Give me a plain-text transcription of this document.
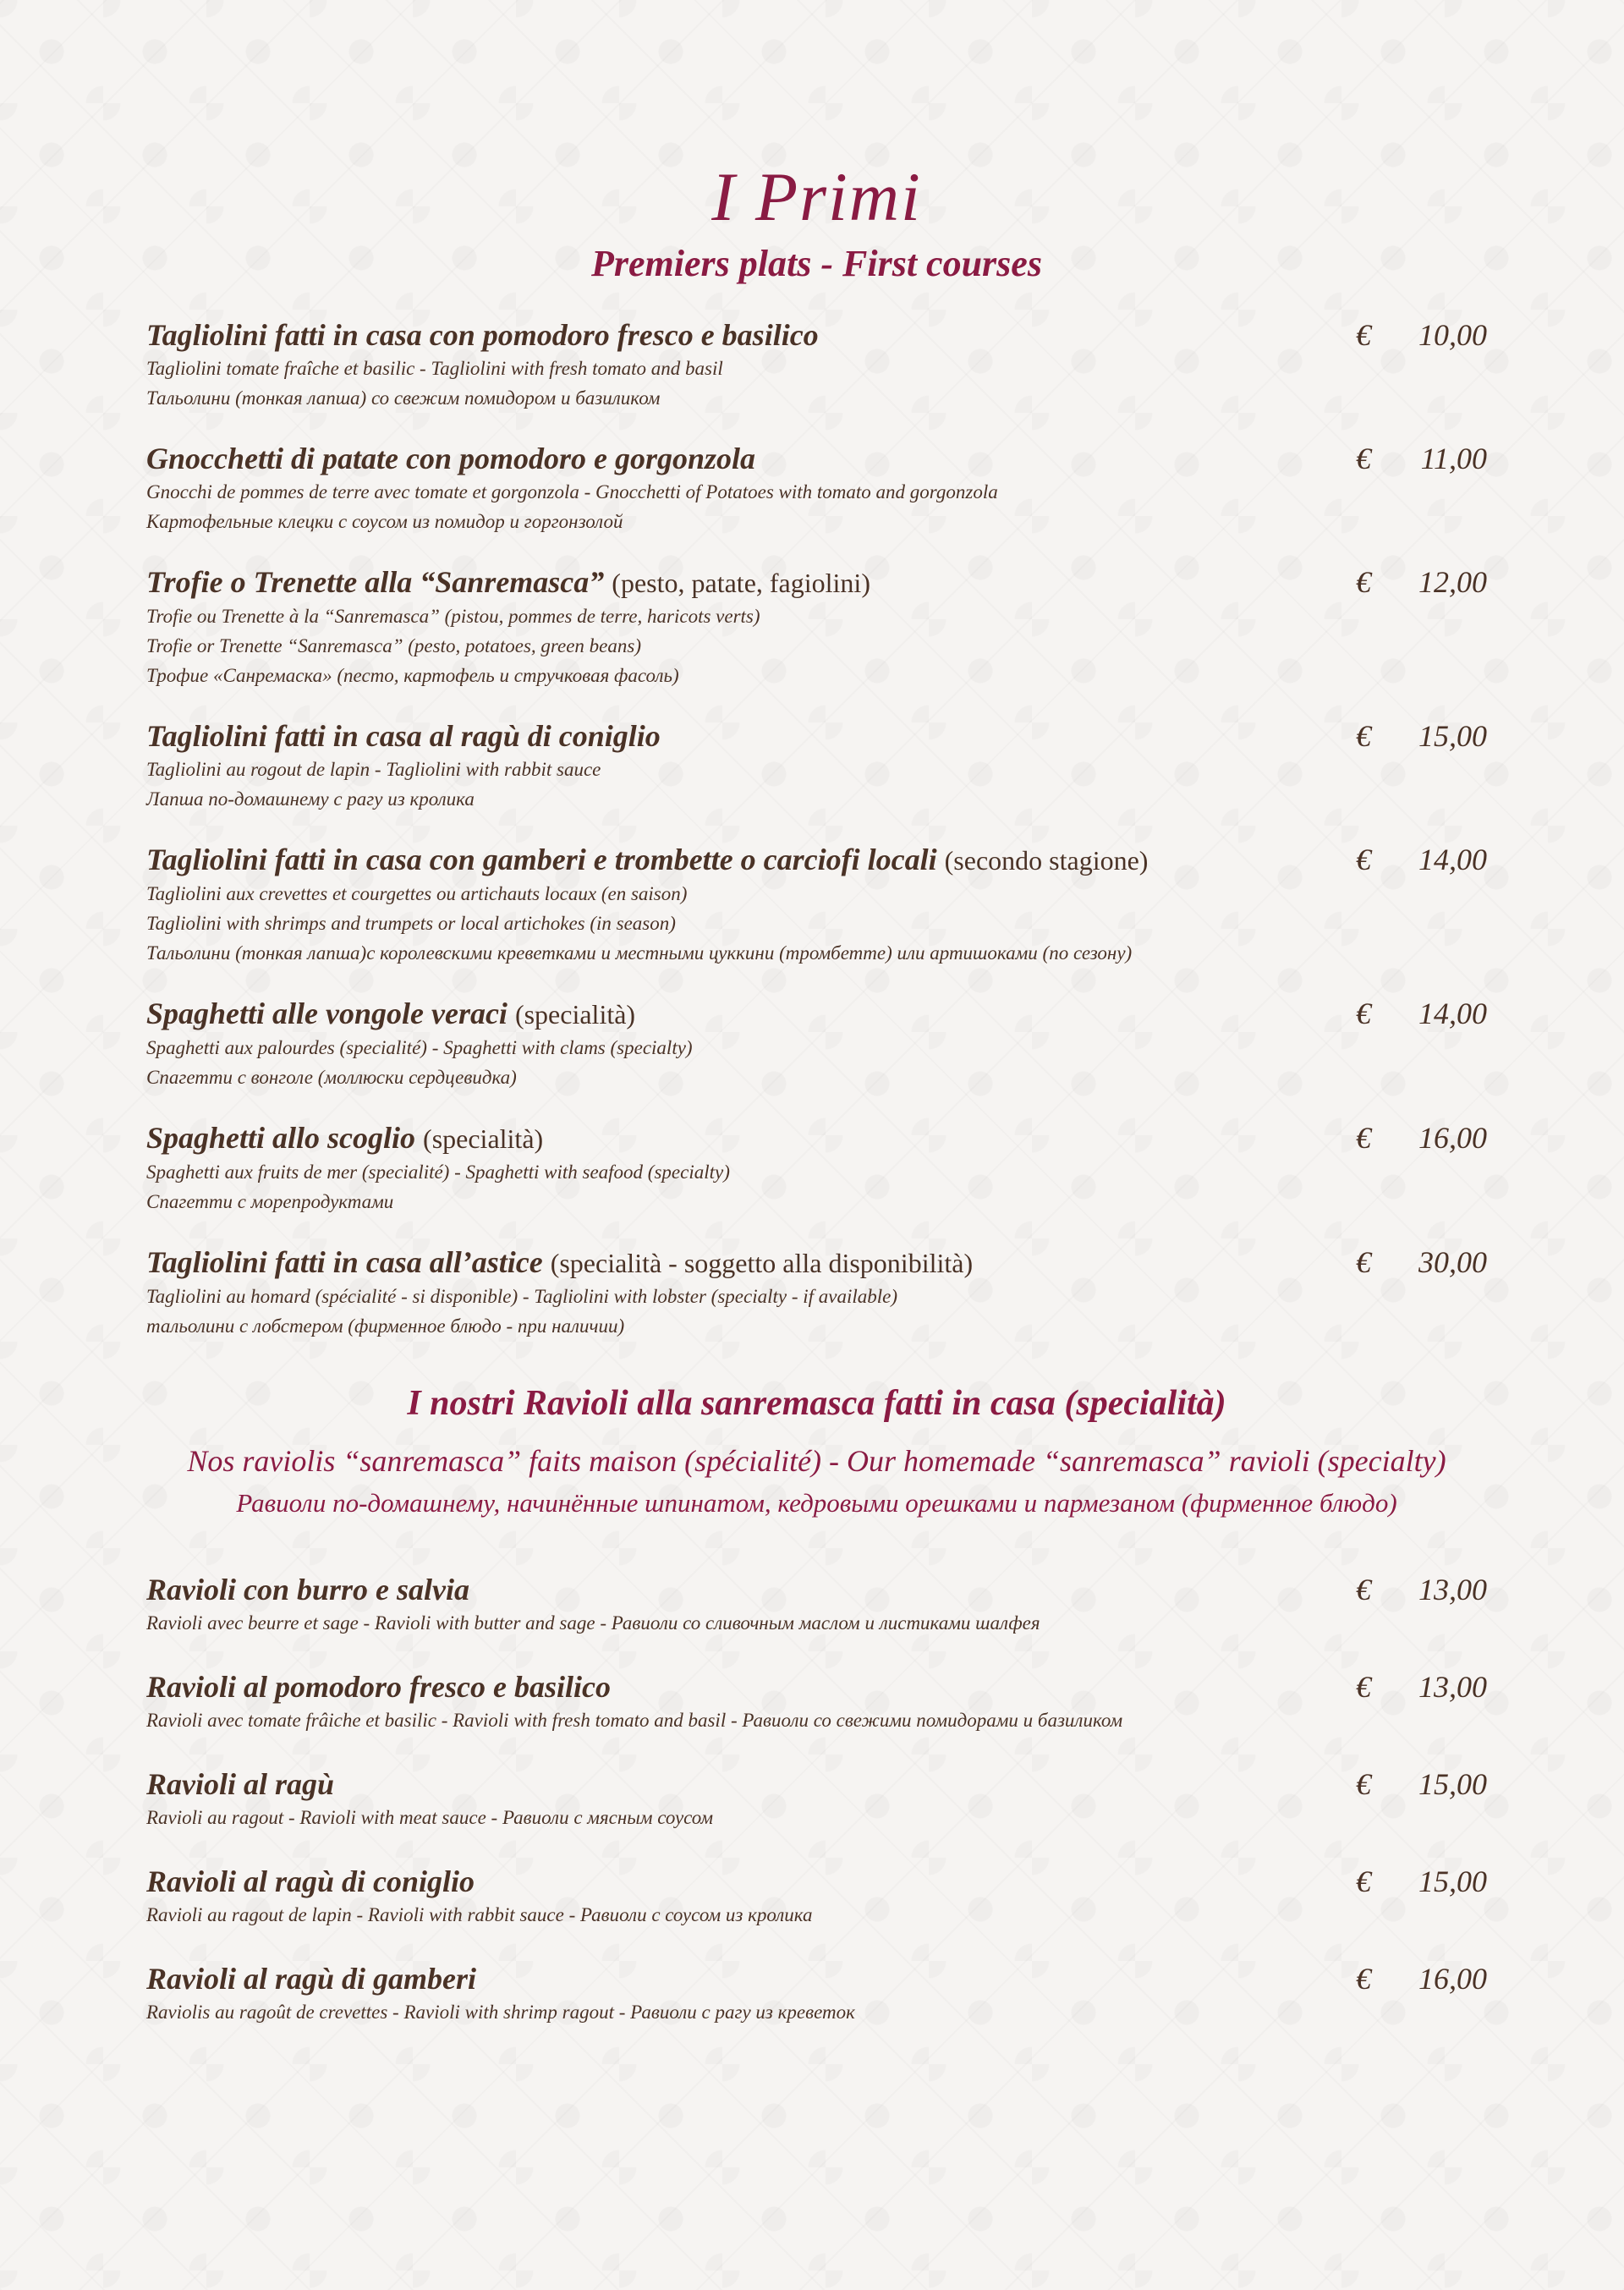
I Primi
Premiers plats - First courses
Tagliolini fatti in casa con pomodoro fresco e basilico
Tagliolini tomate fraîche et basilic - Tagliolini with fresh tomato and basil
Тальолини (тонкая лапша) со свежим помидором и базиликом
€ 10,00
Gnocchetti di patate con pomodoro e gorgonzola
Gnocchi de pommes de terre avec tomate et gorgonzola - Gnocchetti of Potatoes with tomato and gorgonzola
Картофельные клецки с соусом из помидор и горгонзолой
€ 11,00
Trofie o Trenette alla “Sanremasca” (pesto, patate, fagiolini)
Trofie ou Trenette à la “Sanremasca” (pistou, pommes de terre, haricots verts)
Trofie or Trenette “Sanremasca” (pesto, potatoes, green beans)
Трофие «Санремаска» (песто, картофель и стручковая фасоль)
€ 12,00
Tagliolini fatti in casa al ragù di coniglio
Tagliolini au rogout de lapin - Tagliolini with rabbit sauce
Лапша по-домашнему с рагу из кролика
€ 15,00
Tagliolini fatti in casa con gamberi e trombette o carciofi locali (secondo stagione)
Tagliolini aux crevettes et courgettes ou artichauts locaux (en saison)
Tagliolini with shrimps and trumpets or local artichokes (in season)
Тальолини (тонкая лапша)с королевскими креветками и местными цуккини (тромбетте) или артишоками (по сезону)
€ 14,00
Spaghetti alle vongole veraci (specialità)
Spaghetti aux palourdes (specialité) - Spaghetti with clams (specialty)
Спагетти с вонголе (моллюски сердцевидка)
€ 14,00
Spaghetti allo scoglio (specialità)
Spaghetti aux fruits de mer (specialité) - Spaghetti with seafood (specialty)
Спагетти с морепродуктами
€ 16,00
Tagliolini fatti in casa all’astice (specialità - soggetto alla disponibilità)
Tagliolini au homard (spécialité - si disponible) - Tagliolini with lobster (specialty - if available)
тальолини с лобстером (фирменное блюдо - при наличии)
€ 30,00
I nostri Ravioli alla sanremasca fatti in casa (specialità)
Nos raviolis “sanremasca” faits maison (spécialité) - Our homemade “sanremasca” ravioli (specialty)
Равиоли по-домашнему, начинённые шпинатом, кедровыми орешками и пармезаном (фирменное блюдо)
Ravioli con burro e salvia
Ravioli avec beurre et sage - Ravioli with butter and sage - Равиоли со сливочным маслом и листиками шалфея
€ 13,00
Ravioli al pomodoro fresco e basilico
Ravioli avec tomate frâiche et basilic - Ravioli with fresh tomato and basil - Равиоли со свежими помидорами и базиликом
€ 13,00
Ravioli al ragù
Ravioli au ragout - Ravioli with meat sauce - Равиоли с мясным соусом
€ 15,00
Ravioli al ragù di coniglio
Ravioli au ragout de lapin - Ravioli with rabbit sauce - Равиоли с соусом из кролика
€ 15,00
Ravioli al ragù di gamberi
Raviolis au ragoût de crevettes - Ravioli with shrimp ragout - Равиоли с рагу из креветок
€ 16,00
